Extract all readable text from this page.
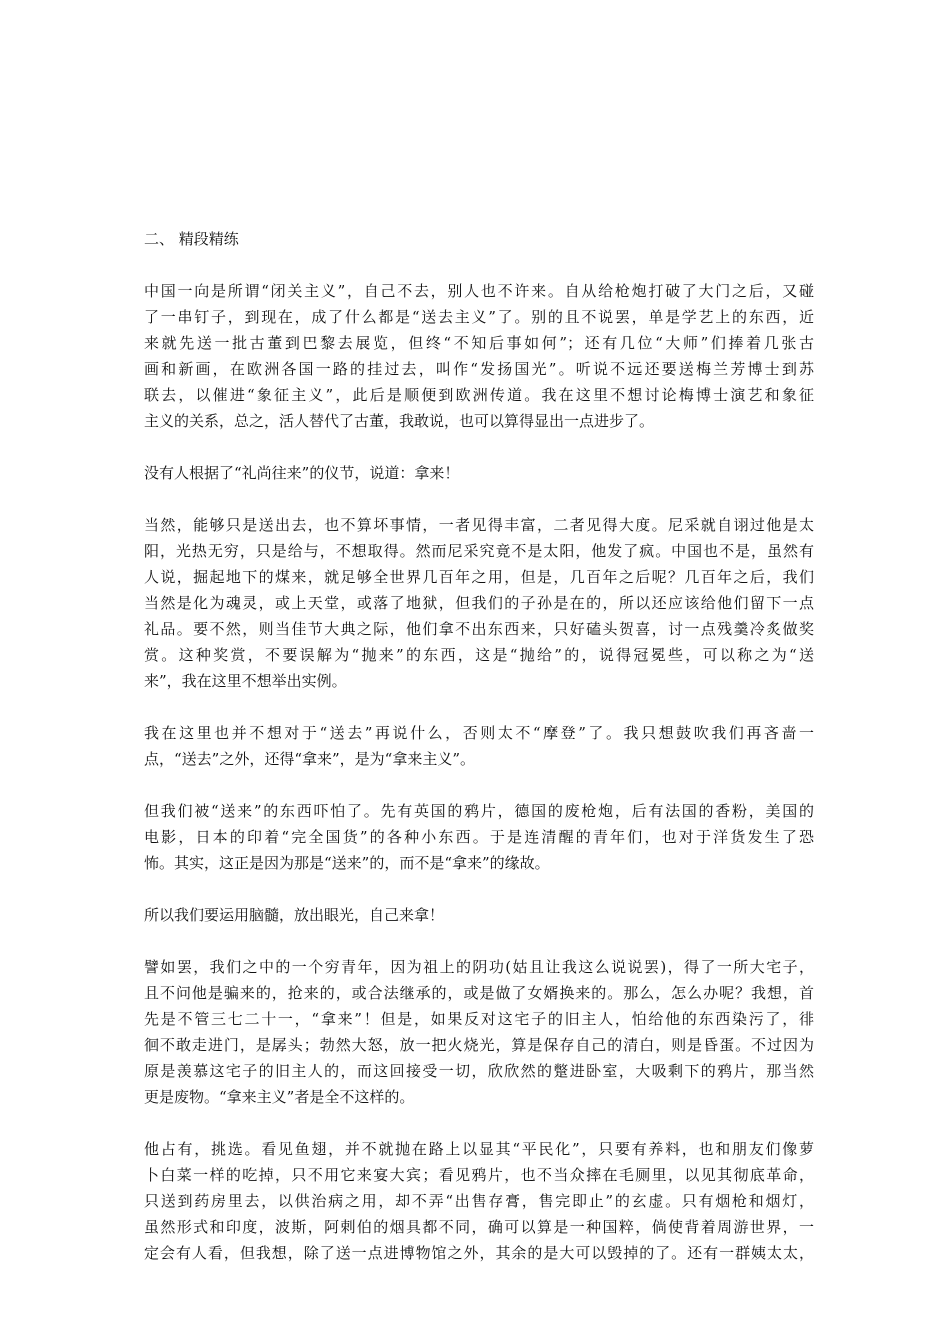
二、 精段精练
中国一向是所谓“闭关主义”，自己不去，别人也不许来。自从给枪炮打破了大门之后，又碰
了一串钉子，到现在，成了什么都是“送去主义”了。别的且不说罢，单是学艺上的东西，近
来就先送一批古董到巴黎去展览，但终“不知后事如何”；还有几位“大师”们捧着几张古
画和新画，在欧洲各国一路的挂过去，叫作“发扬国光”。听说不远还要送梅兰芳博士到苏
联去，以催进“象征主义”，此后是顺便到欧洲传道。我在这里不想讨论梅博士演艺和象征
主义的关系，总之，活人替代了古董，我敢说，也可以算得显出一点进步了。
没有人根据了“礼尚往来”的仪节，说道：拿来！
当然，能够只是送出去，也不算坏事情，一者见得丰富，二者见得大度。尼采就自诩过他是太
阳，光热无穷，只是给与，不想取得。然而尼采究竟不是太阳，他发了疯。中国也不是，虽然有
人说，掘起地下的煤来，就足够全世界几百年之用，但是，几百年之后呢？几百年之后，我们
当然是化为魂灵，或上天堂，或落了地狱，但我们的子孙是在的，所以还应该给他们留下一点
礼品。要不然，则当佳节大典之际，他们拿不出东西来，只好磕头贺喜，讨一点残羹冷炙做奖
赏。这种奖赏，不要误解为“抛来”的东西，这是“抛给”的，说得冠冕些，可以称之为“送
来”，我在这里不想举出实例。
我在这里也并不想对于“送去”再说什么，否则太不“摩登”了。我只想鼓吹我们再吝啬一
点，“送去”之外，还得“拿来”，是为“拿来主义”。
但我们被“送来”的东西吓怕了。先有英国的鸦片，德国的废枪炮，后有法国的香粉，美国的
电影，日本的印着“完全国货”的各种小东西。于是连清醒的青年们，也对于洋货发生了恐
怖。其实，这正是因为那是“送来”的，而不是“拿来”的缘故。
所以我们要运用脑髓，放出眼光，自己来拿！
譬如罢，我们之中的一个穷青年，因为祖上的阴功(姑且让我这么说说罢)，得了一所大宅子，
且不问他是骗来的，抢来的，或合法继承的，或是做了女婿换来的。那么，怎么办呢？我想，首
先是不管三七二十一，“拿来”！但是，如果反对这宅子的旧主人，怕给他的东西染污了，徘
徊不敢走进门，是孱头；勃然大怒，放一把火烧光，算是保存自己的清白，则是昏蛋。不过因为
原是羡慕这宅子的旧主人的，而这回接受一切，欣欣然的蹩进卧室，大吸剩下的鸦片，那当然
更是废物。“拿来主义”者是全不这样的。
他占有，挑选。看见鱼翅，并不就抛在路上以显其“平民化”，只要有养料，也和朋友们像萝
卜白菜一样的吃掉，只不用它来宴大宾；看见鸦片，也不当众摔在毛厕里，以见其彻底革命，
只送到药房里去，以供治病之用，却不弄“出售存膏，售完即止”的玄虚。只有烟枪和烟灯，
虽然形式和印度，波斯，阿剌伯的烟具都不同，确可以算是一种国粹，倘使背着周游世界，一
定会有人看，但我想，除了送一点进博物馆之外，其余的是大可以毁掉的了。还有一群姨太太，
